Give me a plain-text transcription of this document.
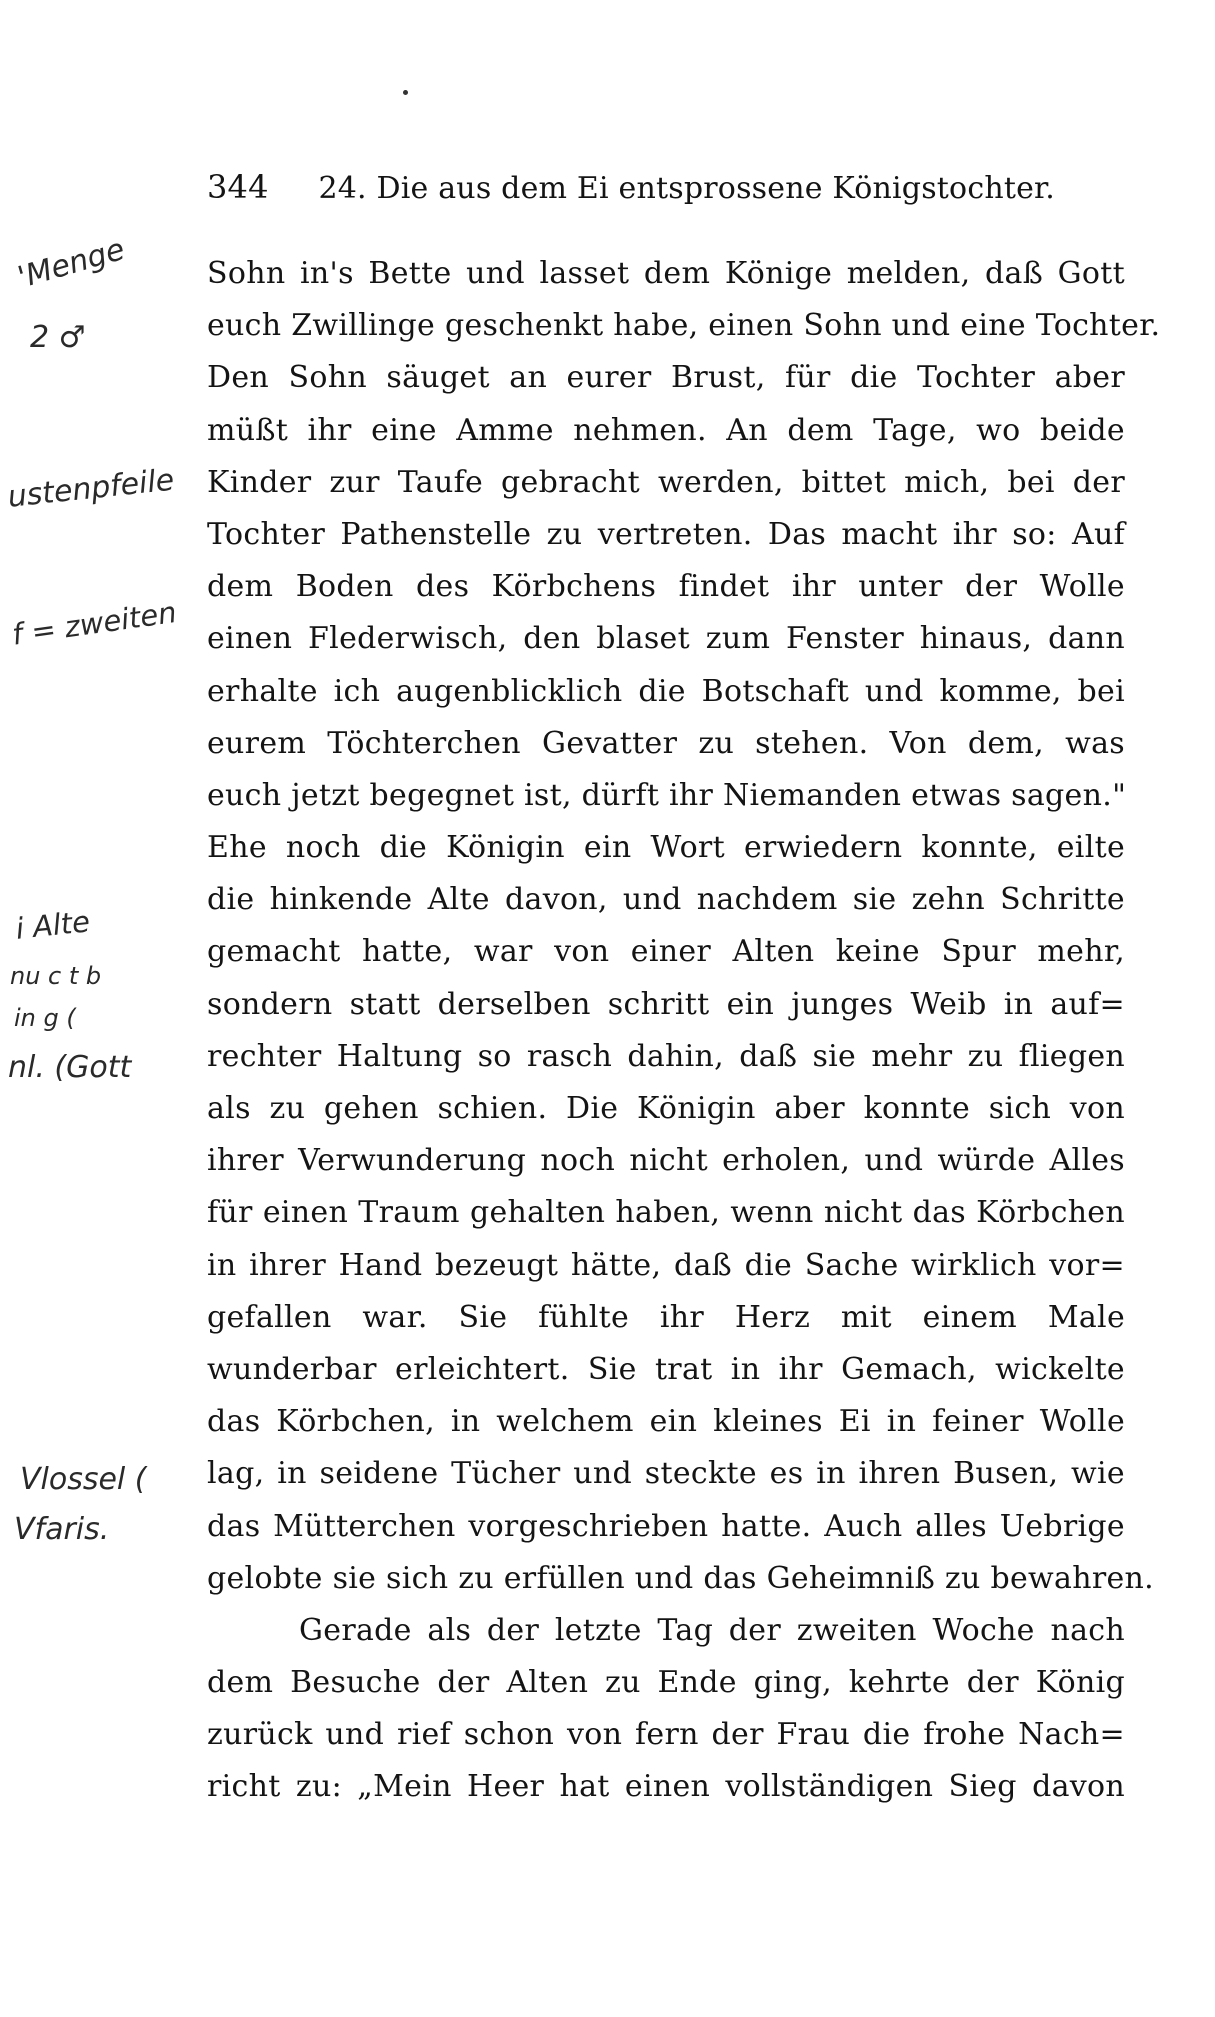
344 24. Die aus dem Ei entsprossene Königstochter.
'Menge
2 ♂
ustenpfeile
f = zweiten
i Alte
nu c t b
in g (
nl. (Gott
Vlossel (
Vfaris.
Sohn in's Bette und lasset dem Könige melden, daß Gott
euch Zwillinge geschenkt habe, einen Sohn und eine Tochter.
Den Sohn säuget an eurer Brust, für die Tochter aber
müßt ihr eine Amme nehmen. An dem Tage, wo beide
Kinder zur Taufe gebracht werden, bittet mich, bei der
Tochter Pathenstelle zu vertreten. Das macht ihr so: Auf
dem Boden des Körbchens findet ihr unter der Wolle
einen Flederwisch, den blaset zum Fenster hinaus, dann
erhalte ich augenblicklich die Botschaft und komme, bei
eurem Töchterchen Gevatter zu stehen. Von dem, was
euch jetzt begegnet ist, dürft ihr Niemanden etwas sagen."
Ehe noch die Königin ein Wort erwiedern konnte, eilte
die hinkende Alte davon, und nachdem sie zehn Schritte
gemacht hatte, war von einer Alten keine Spur mehr,
sondern statt derselben schritt ein junges Weib in auf=
rechter Haltung so rasch dahin, daß sie mehr zu fliegen
als zu gehen schien. Die Königin aber konnte sich von
ihrer Verwunderung noch nicht erholen, und würde Alles
für einen Traum gehalten haben, wenn nicht das Körbchen
in ihrer Hand bezeugt hätte, daß die Sache wirklich vor=
gefallen war. Sie fühlte ihr Herz mit einem Male
wunderbar erleichtert. Sie trat in ihr Gemach, wickelte
das Körbchen, in welchem ein kleines Ei in feiner Wolle
lag, in seidene Tücher und steckte es in ihren Busen, wie
das Mütterchen vorgeschrieben hatte. Auch alles Uebrige
gelobte sie sich zu erfüllen und das Geheimniß zu bewahren.
Gerade als der letzte Tag der zweiten Woche nach
dem Besuche der Alten zu Ende ging, kehrte der König
zurück und rief schon von fern der Frau die frohe Nach=
richt zu: „Mein Heer hat einen vollständigen Sieg davon
